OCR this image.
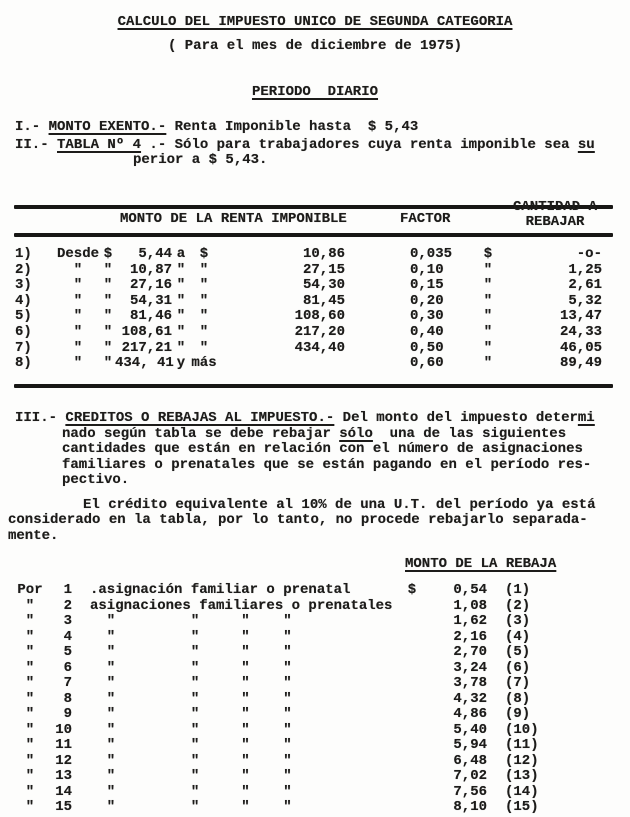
CALCULO DEL IMPUESTO UNICO DE SEGUNDA CATEGORIA
( Para el mes de diciembre de 1975)
PERIODO  DIARIO
I.- MONTO EXENTO.- Renta Imponible hasta  $ 5,43
II.- TABLA Nº 4 .- Sólo para trabajadores cuya renta imponible sea su
perior a $ 5,43.
MONTO DE LA RENTA IMPONIBLE	FACTOR
CANTIDAD A
REBAJAR
1)	Desde $	5,44 a	$	10,86	0,035	$	-o-
2)	"	"	10,87 "	"	27,15	0,10	"	1,25
3)	"	"	27,16 "	"	54,30	0,15	"	2,61
4)	"	"	54,31 "	"	81,45	0,20	"	5,32
5)	"	"	81,46 "	"	108,60	0,30	"	13,47
6)	"	" 108,61 "	"	217,20	0,40	"	24,33
7)	"	" 217,21 "	"	434,40	0,50	"	46,05
8)	"	" 434, 41 y más	0,60	"	89,49
III.- CREDITOS O REBAJAS AL IMPUESTO.- Del monto del impuesto determi
nado según tabla se debe rebajar sólo  una de las siguientes
cantidades que están en relación con el número de asignaciones
familiares o prenatales que se están pagando en el período res-
pectivo.
El crédito equivalente al 10% de una U.T. del período ya está
considerado en la tabla, por lo tanto, no procede rebajarlo separada-
mente.
MONTO DE LA REBAJA
Por	1 .asignación familiar o prenatal	$	0,54 (1)
"	2 asignaciones familiares o prenatales	1,08 (2)
"	3 "         "     "    "	1,62 (3)
"	4 "         "     "    "	2,16 (4)
"	5 "         "     "    "	2,70 (5)
"	6 "         "     "    "	3,24 (6)
"	7 "         "     "    "	3,78 (7)
"	8 "         "     "    "	4,32 (8)
"	9 "         "     "    "	4,86 (9)
"	10 "         "     "    "	5,40 (10)
"	11 "         "     "    "	5,94 (11)
"	12 "         "     "    "	6,48 (12)
"	13 "         "     "    "	7,02 (13)
"	14 "         "     "    "	7,56 (14)
"	15 "         "     "    "	8,10 (15)
